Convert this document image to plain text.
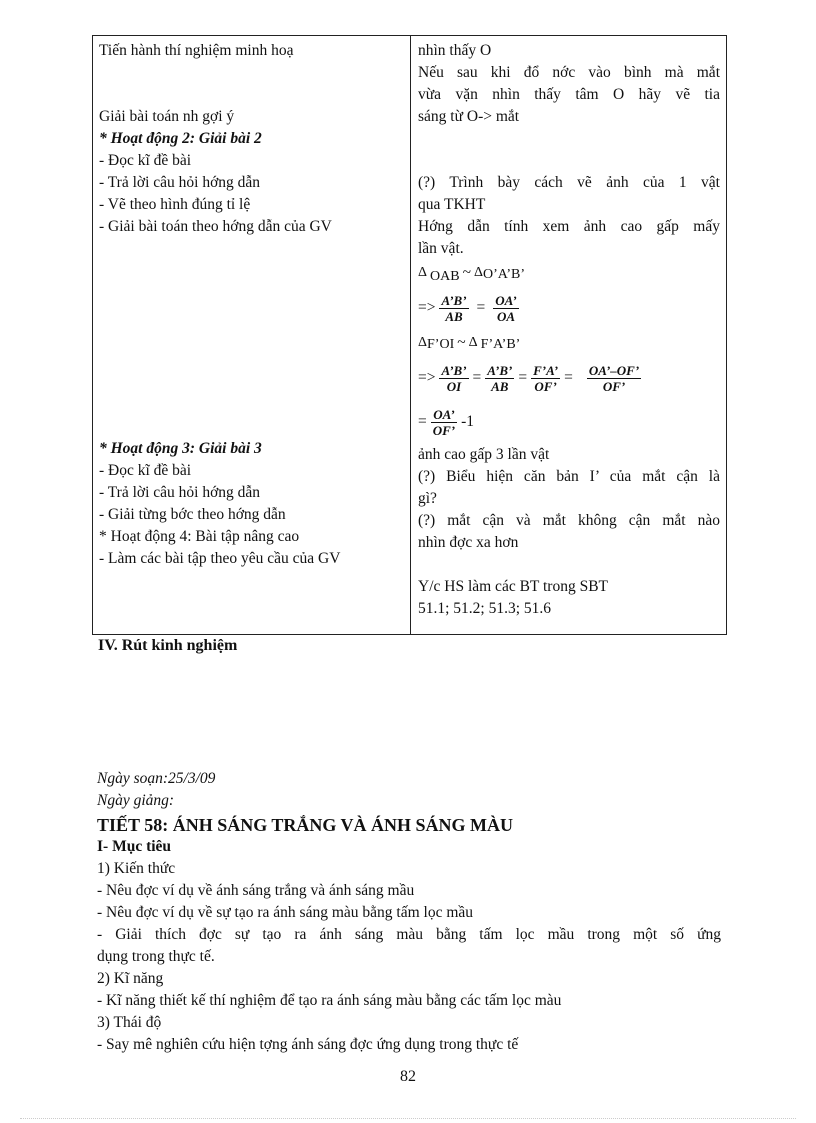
Tiến hành thí nghiệm minh hoạ
Giải bài toán nh gợi ý
* Hoạt động 2: Giải bài 2
- Đọc kĩ đề bài
- Trả lời câu hỏi hớng dẫn
- Vẽ theo hình đúng tỉ lệ
- Giải bài toán theo hớng dẫn của GV
* Hoạt động 3: Giải bài 3
- Đọc kĩ đề bài
- Trả lời câu hỏi hớng dẫn
- Giải từng bớc theo hớng dẫn
* Hoạt động 4: Bài tập nâng cao
- Làm các bài tập theo yêu cầu của GV
nhìn thấy O
Nếu sau khi đổ nớc vào bình mà mắt
vừa vặn nhìn thấy tâm O hãy vẽ tia
sáng từ O-> mắt
(?) Trình bày cách vẽ ảnh của 1 vật
qua TKHT
Hớng dẫn tính xem ảnh cao gấp mấy
lần vật.
Δ OAB ~ Δ O’A’B’
=> $\frac{A’B’}{AB} = \frac{OA’}{OA}$
Δ F’OI ~ Δ F’A’B’
=> $\frac{A’B’}{OI} = \frac{A’B’}{AB} = \frac{F’A’}{OF’} = \frac{OA’-OF’}{OF’}$
= $\frac{OA’}{OF’} -1$
ảnh cao gấp 3 lần vật
(?) Biểu hiện căn bản I’ của mắt cận là
gì?
(?) mắt cận và mắt không cận mắt nào
nhìn đợc xa hơn
Y/c HS làm các BT trong SBT
51.1; 51.2; 51.3; 51.6
IV. Rút kinh nghiệm
Ngày soạn:25/3/09
Ngày giảng:
TIẾT 58: ÁNH SÁNG TRẮNG VÀ ÁNH SÁNG MÀU
I- Mục tiêu
1) Kiến thức
- Nêu đợc ví dụ về ánh sáng trắng và ánh sáng mầu
- Nêu đợc ví dụ về sự tạo ra ánh sáng màu bằng tấm lọc mầu
- Giải thích đợc sự tạo ra ánh sáng màu bằng tấm lọc mầu trong một số ứng
dụng trong thực tế.
2) Kĩ năng
- Kĩ năng thiết kế thí nghiệm để tạo ra ánh sáng màu bằng các tấm lọc màu
3) Thái độ
- Say mê nghiên cứu hiện tợng ánh sáng đợc ứng dụng trong thực tế
82
